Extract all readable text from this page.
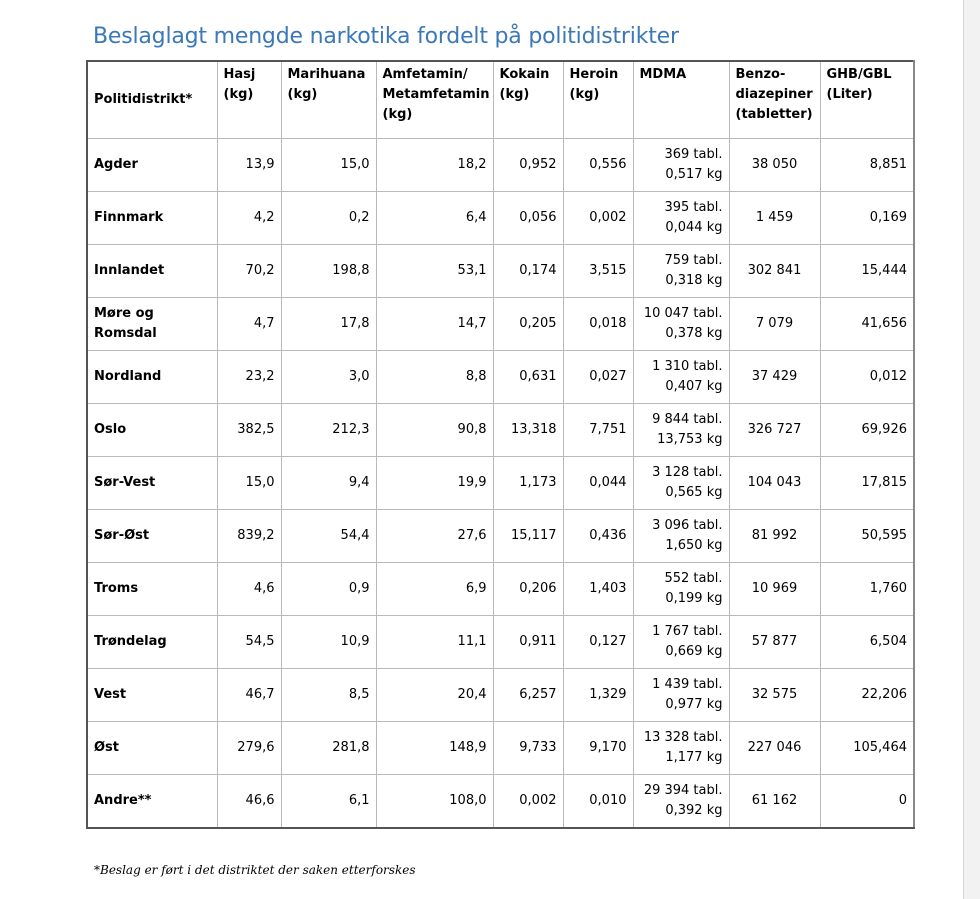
Beslaglagt mengde narkotika fordelt på politidistrikter
Politidistrikt*	Hasj
(kg)	Marihuana
(kg)	Amfetamin/
Metamfetamin
(kg)	Kokain
(kg)	Heroin
(kg)	MDMA	Benzo-
diazepiner
(tabletter)	GHB/GBL
(Liter)

Agder	13,9	15,0	18,2	0,952	0,556	369 tabl.
0,517 kg	38 050	8,851

Finnmark	4,2	0,2	6,4	0,056	0,002	395 tabl.
0,044 kg	1 459	0,169

Innlandet	70,2	198,8	53,1	0,174	3,515	759 tabl.
0,318 kg	302 841	15,444

Møre og
Romsdal	4,7	17,8	14,7	0,205	0,018	10 047 tabl.
0,378 kg	7 079	41,656

Nordland	23,2	3,0	8,8	0,631	0,027	1 310 tabl.
0,407 kg	37 429	0,012

Oslo	382,5	212,3	90,8	13,318	7,751	9 844 tabl.
13,753 kg	326 727	69,926

Sør-Vest	15,0	9,4	19,9	1,173	0,044	3 128 tabl.
0,565 kg	104 043	17,815

Sør-Øst	839,2	54,4	27,6	15,117	0,436	3 096 tabl.
1,650 kg	81 992	50,595

Troms	4,6	0,9	6,9	0,206	1,403	552 tabl.
0,199 kg	10 969	1,760

Trøndelag	54,5	10,9	11,1	0,911	0,127	1 767 tabl.
0,669 kg	57 877	6,504

Vest	46,7	8,5	20,4	6,257	1,329	1 439 tabl.
0,977 kg	32 575	22,206

Øst	279,6	281,8	148,9	9,733	9,170	13 328 tabl.
1,177 kg	227 046	105,464

Andre**	46,6	6,1	108,0	0,002	0,010	29 394 tabl.
0,392 kg	61 162	0

*Beslag er ført i det distriktet der saken etterforskes
